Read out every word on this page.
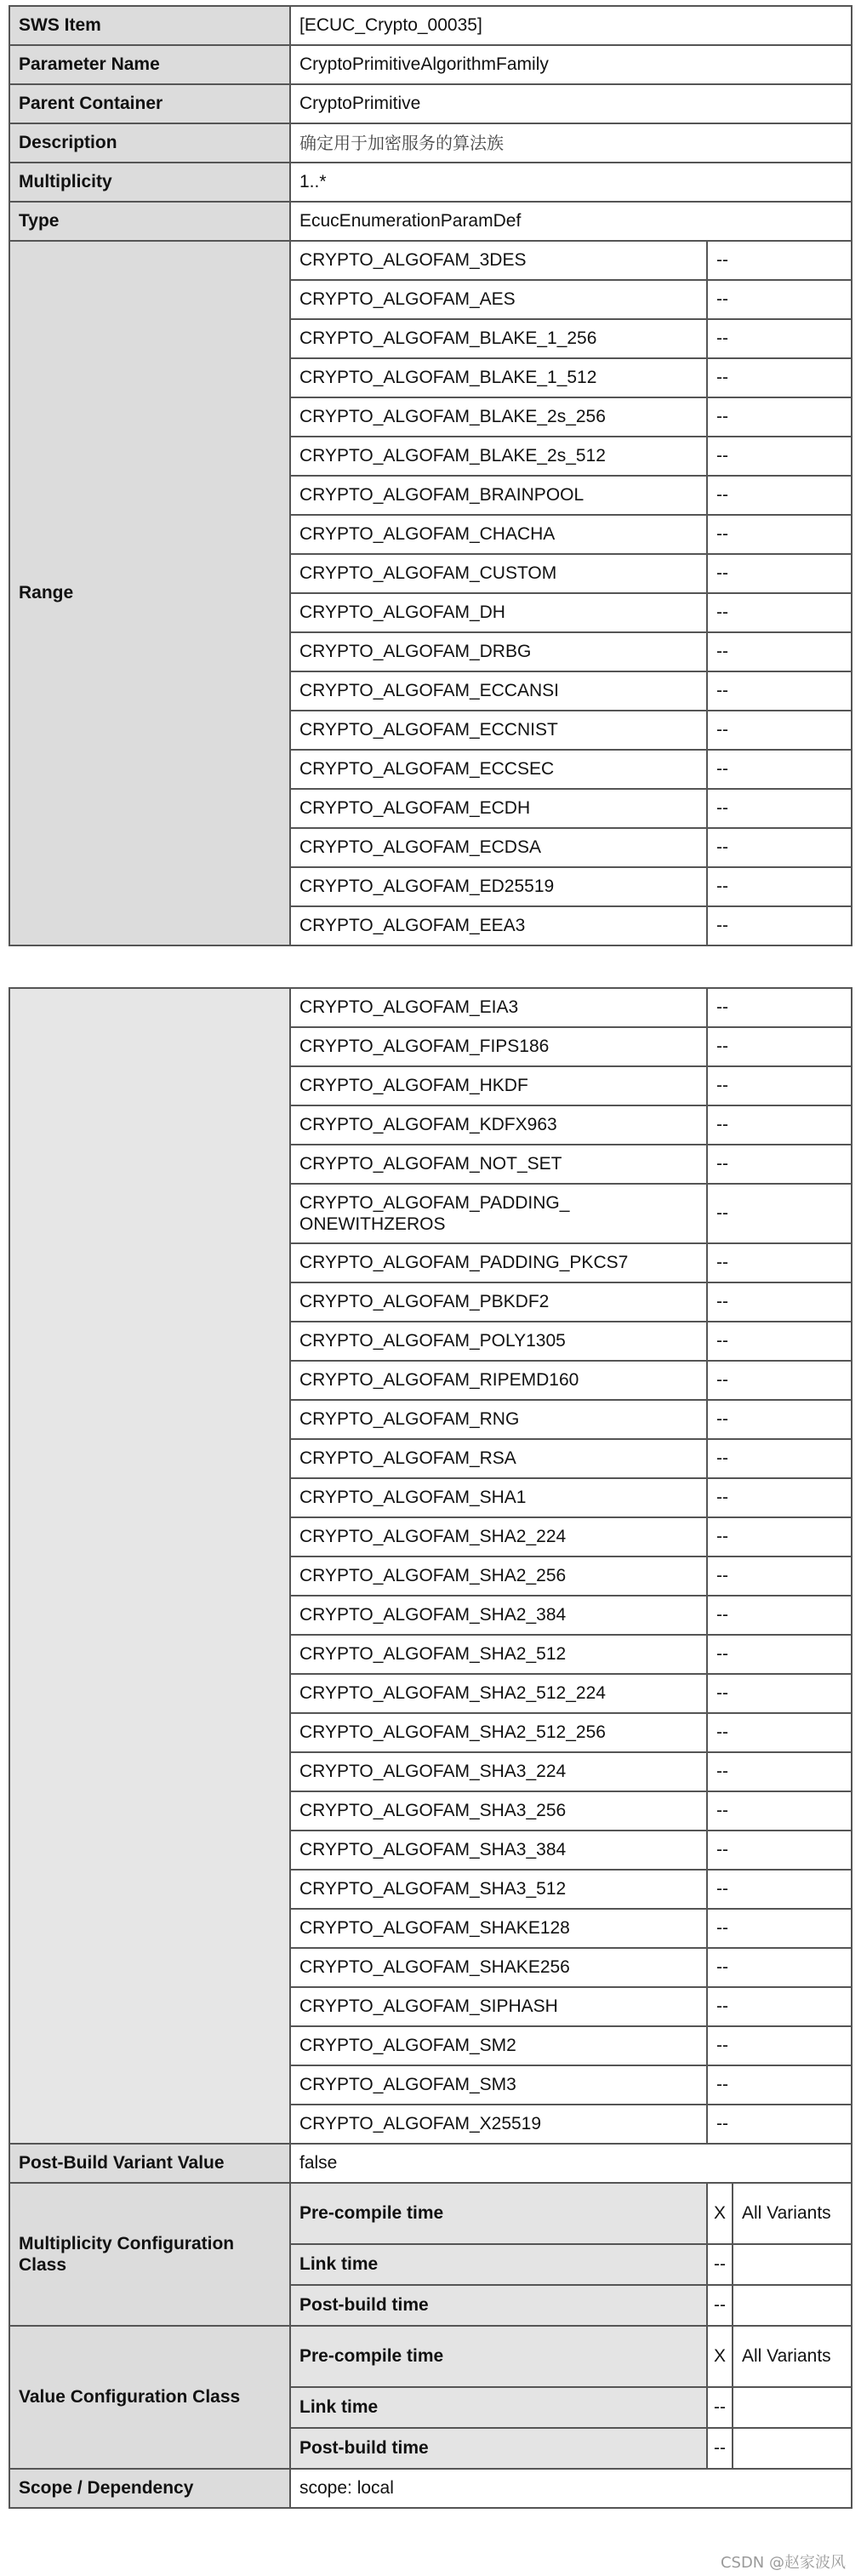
SWS Item	[ECUC_Crypto_00035]	
Parameter Name	CryptoPrimitiveAlgorithmFamily	
Parent Container	CryptoPrimitive	
Description	确定用于加密服务的算法族	
Multiplicity	1..*	
Type	EcucEnumerationParamDef	
Range	CRYPTO_ALGOFAM_3DES	--
	CRYPTO_ALGOFAM_AES	--
	CRYPTO_ALGOFAM_BLAKE_1_256	--
	CRYPTO_ALGOFAM_BLAKE_1_512	--
	CRYPTO_ALGOFAM_BLAKE_2s_256	--
	CRYPTO_ALGOFAM_BLAKE_2s_512	--
	CRYPTO_ALGOFAM_BRAINPOOL	--
	CRYPTO_ALGOFAM_CHACHA	--
	CRYPTO_ALGOFAM_CUSTOM	--
	CRYPTO_ALGOFAM_DH	--
	CRYPTO_ALGOFAM_DRBG	--
	CRYPTO_ALGOFAM_ECCANSI	--
	CRYPTO_ALGOFAM_ECCNIST	--
	CRYPTO_ALGOFAM_ECCSEC	--
	CRYPTO_ALGOFAM_ECDH	--
	CRYPTO_ALGOFAM_ECDSA	--
	CRYPTO_ALGOFAM_ED25519	--
	CRYPTO_ALGOFAM_EEA3	--
	CRYPTO_ALGOFAM_EIA3	--	
	CRYPTO_ALGOFAM_FIPS186	--	
	CRYPTO_ALGOFAM_HKDF	--	
	CRYPTO_ALGOFAM_KDFX963	--	
	CRYPTO_ALGOFAM_NOT_SET	--	
	CRYPTO_ALGOFAM_PADDING_
ONEWITHZEROS	--	
	CRYPTO_ALGOFAM_PADDING_PKCS7	--	
	CRYPTO_ALGOFAM_PBKDF2	--	
	CRYPTO_ALGOFAM_POLY1305	--	
	CRYPTO_ALGOFAM_RIPEMD160	--	
	CRYPTO_ALGOFAM_RNG	--	
	CRYPTO_ALGOFAM_RSA	--	
	CRYPTO_ALGOFAM_SHA1	--	
	CRYPTO_ALGOFAM_SHA2_224	--	
	CRYPTO_ALGOFAM_SHA2_256	--	
	CRYPTO_ALGOFAM_SHA2_384	--	
	CRYPTO_ALGOFAM_SHA2_512	--	
	CRYPTO_ALGOFAM_SHA2_512_224	--	
	CRYPTO_ALGOFAM_SHA2_512_256	--	
	CRYPTO_ALGOFAM_SHA3_224	--	
	CRYPTO_ALGOFAM_SHA3_256	--	
	CRYPTO_ALGOFAM_SHA3_384	--	
	CRYPTO_ALGOFAM_SHA3_512	--	
	CRYPTO_ALGOFAM_SHAKE128	--	
	CRYPTO_ALGOFAM_SHAKE256	--	
	CRYPTO_ALGOFAM_SIPHASH	--	
	CRYPTO_ALGOFAM_SM2	--	
	CRYPTO_ALGOFAM_SM3	--	
	CRYPTO_ALGOFAM_X25519	--	
Post-Build Variant Value	false		
Multiplicity Configuration Class	Pre-compile time	X	All Variants
	Link time	--	
	Post-build time	--	
Value Configuration Class	Pre-compile time	X	All Variants
	Link time	--	
	Post-build time	--	
Scope / Dependency	scope: local		
CSDN @赵家波风
